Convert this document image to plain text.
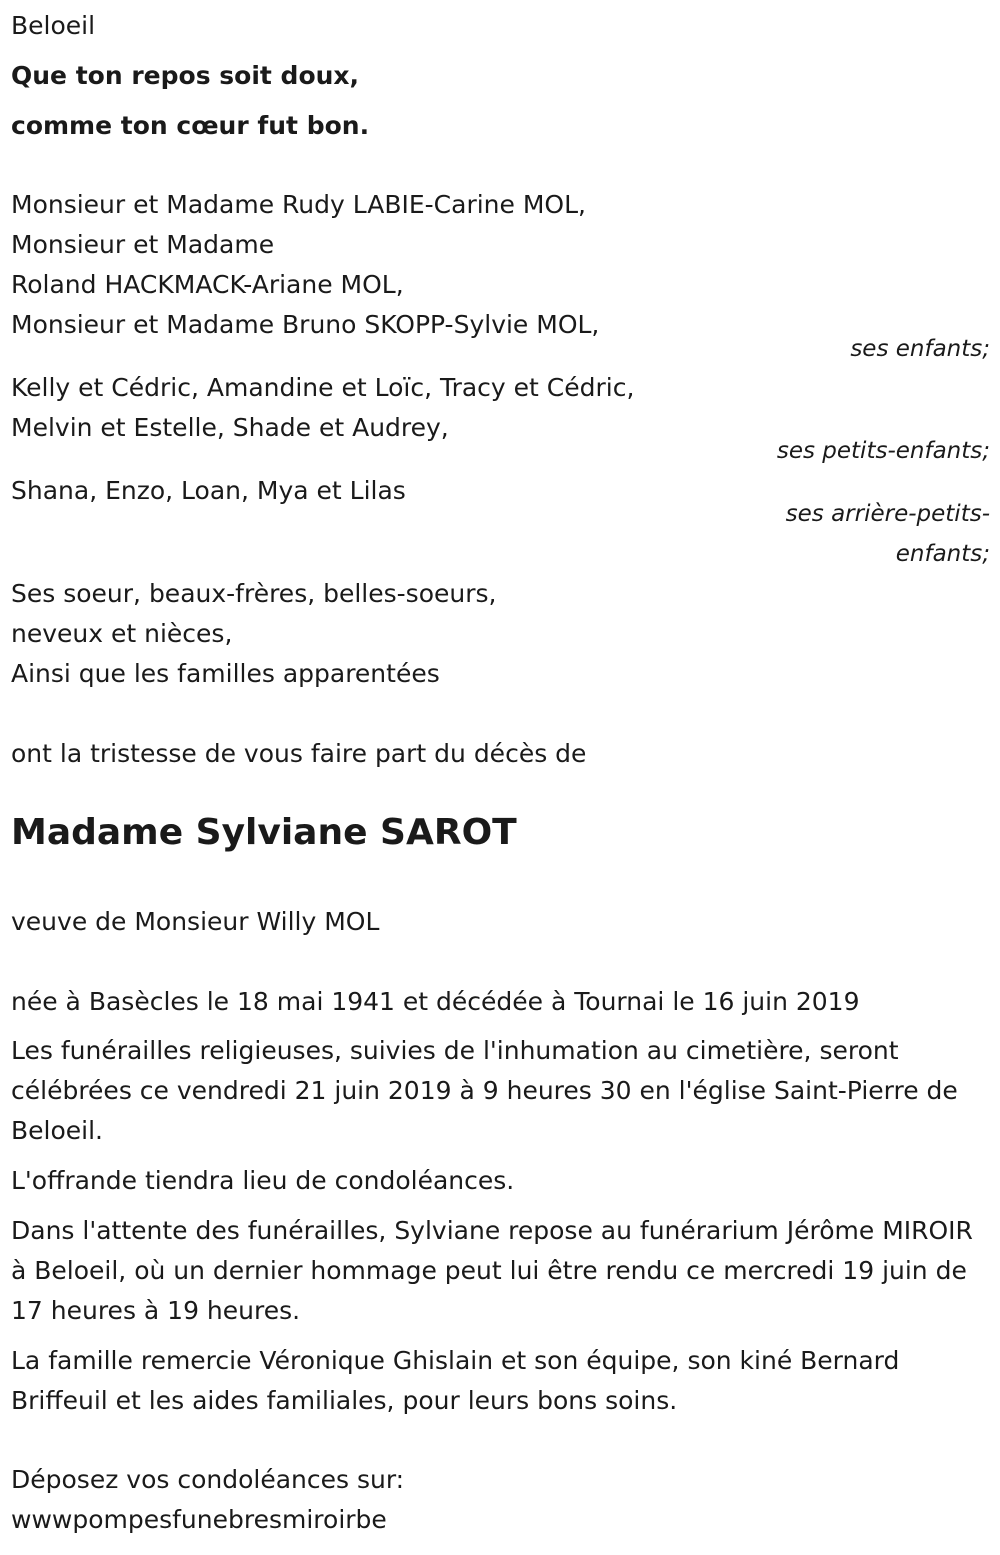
Beloeil
Que ton repos soit doux,
comme ton cœur fut bon.
Monsieur et Madame Rudy LABIE-Carine MOL,
Monsieur et Madame
Roland HACKMACK-Ariane MOL,
Monsieur et Madame Bruno SKOPP-Sylvie MOL,
ses enfants;
Kelly et Cédric, Amandine et Loïc, Tracy et Cédric,
Melvin et Estelle, Shade et Audrey,
ses petits-enfants;
Shana, Enzo, Loan, Mya et Lilas
ses arrière-petits-
enfants;
Ses soeur, beaux-frères, belles-soeurs,
neveux et nièces,
Ainsi que les familles apparentées
ont la tristesse de vous faire part du décès de
Madame Sylviane SAROT
veuve de Monsieur Willy MOL
née à Basècles le 18 mai 1941 et décédée à Tournai le 16 juin 2019
Les funérailles religieuses, suivies de l'inhumation au cimetière, seront célébrées ce vendredi 21 juin 2019 à 9 heures 30 en l'église Saint-Pierre de Beloeil.
L'offrande tiendra lieu de condoléances.
Dans l'attente des funérailles, Sylviane repose au funérarium Jérôme MIROIR à Beloeil, où un dernier hommage peut lui être rendu ce mercredi 19 juin de 17 heures à 19 heures.
La famille remercie Véronique Ghislain et son équipe, son kiné Bernard Briffeuil et les aides familiales, pour leurs bons soins.
Déposez vos condoléances sur:
wwwpompesfunebresmiroirbe
